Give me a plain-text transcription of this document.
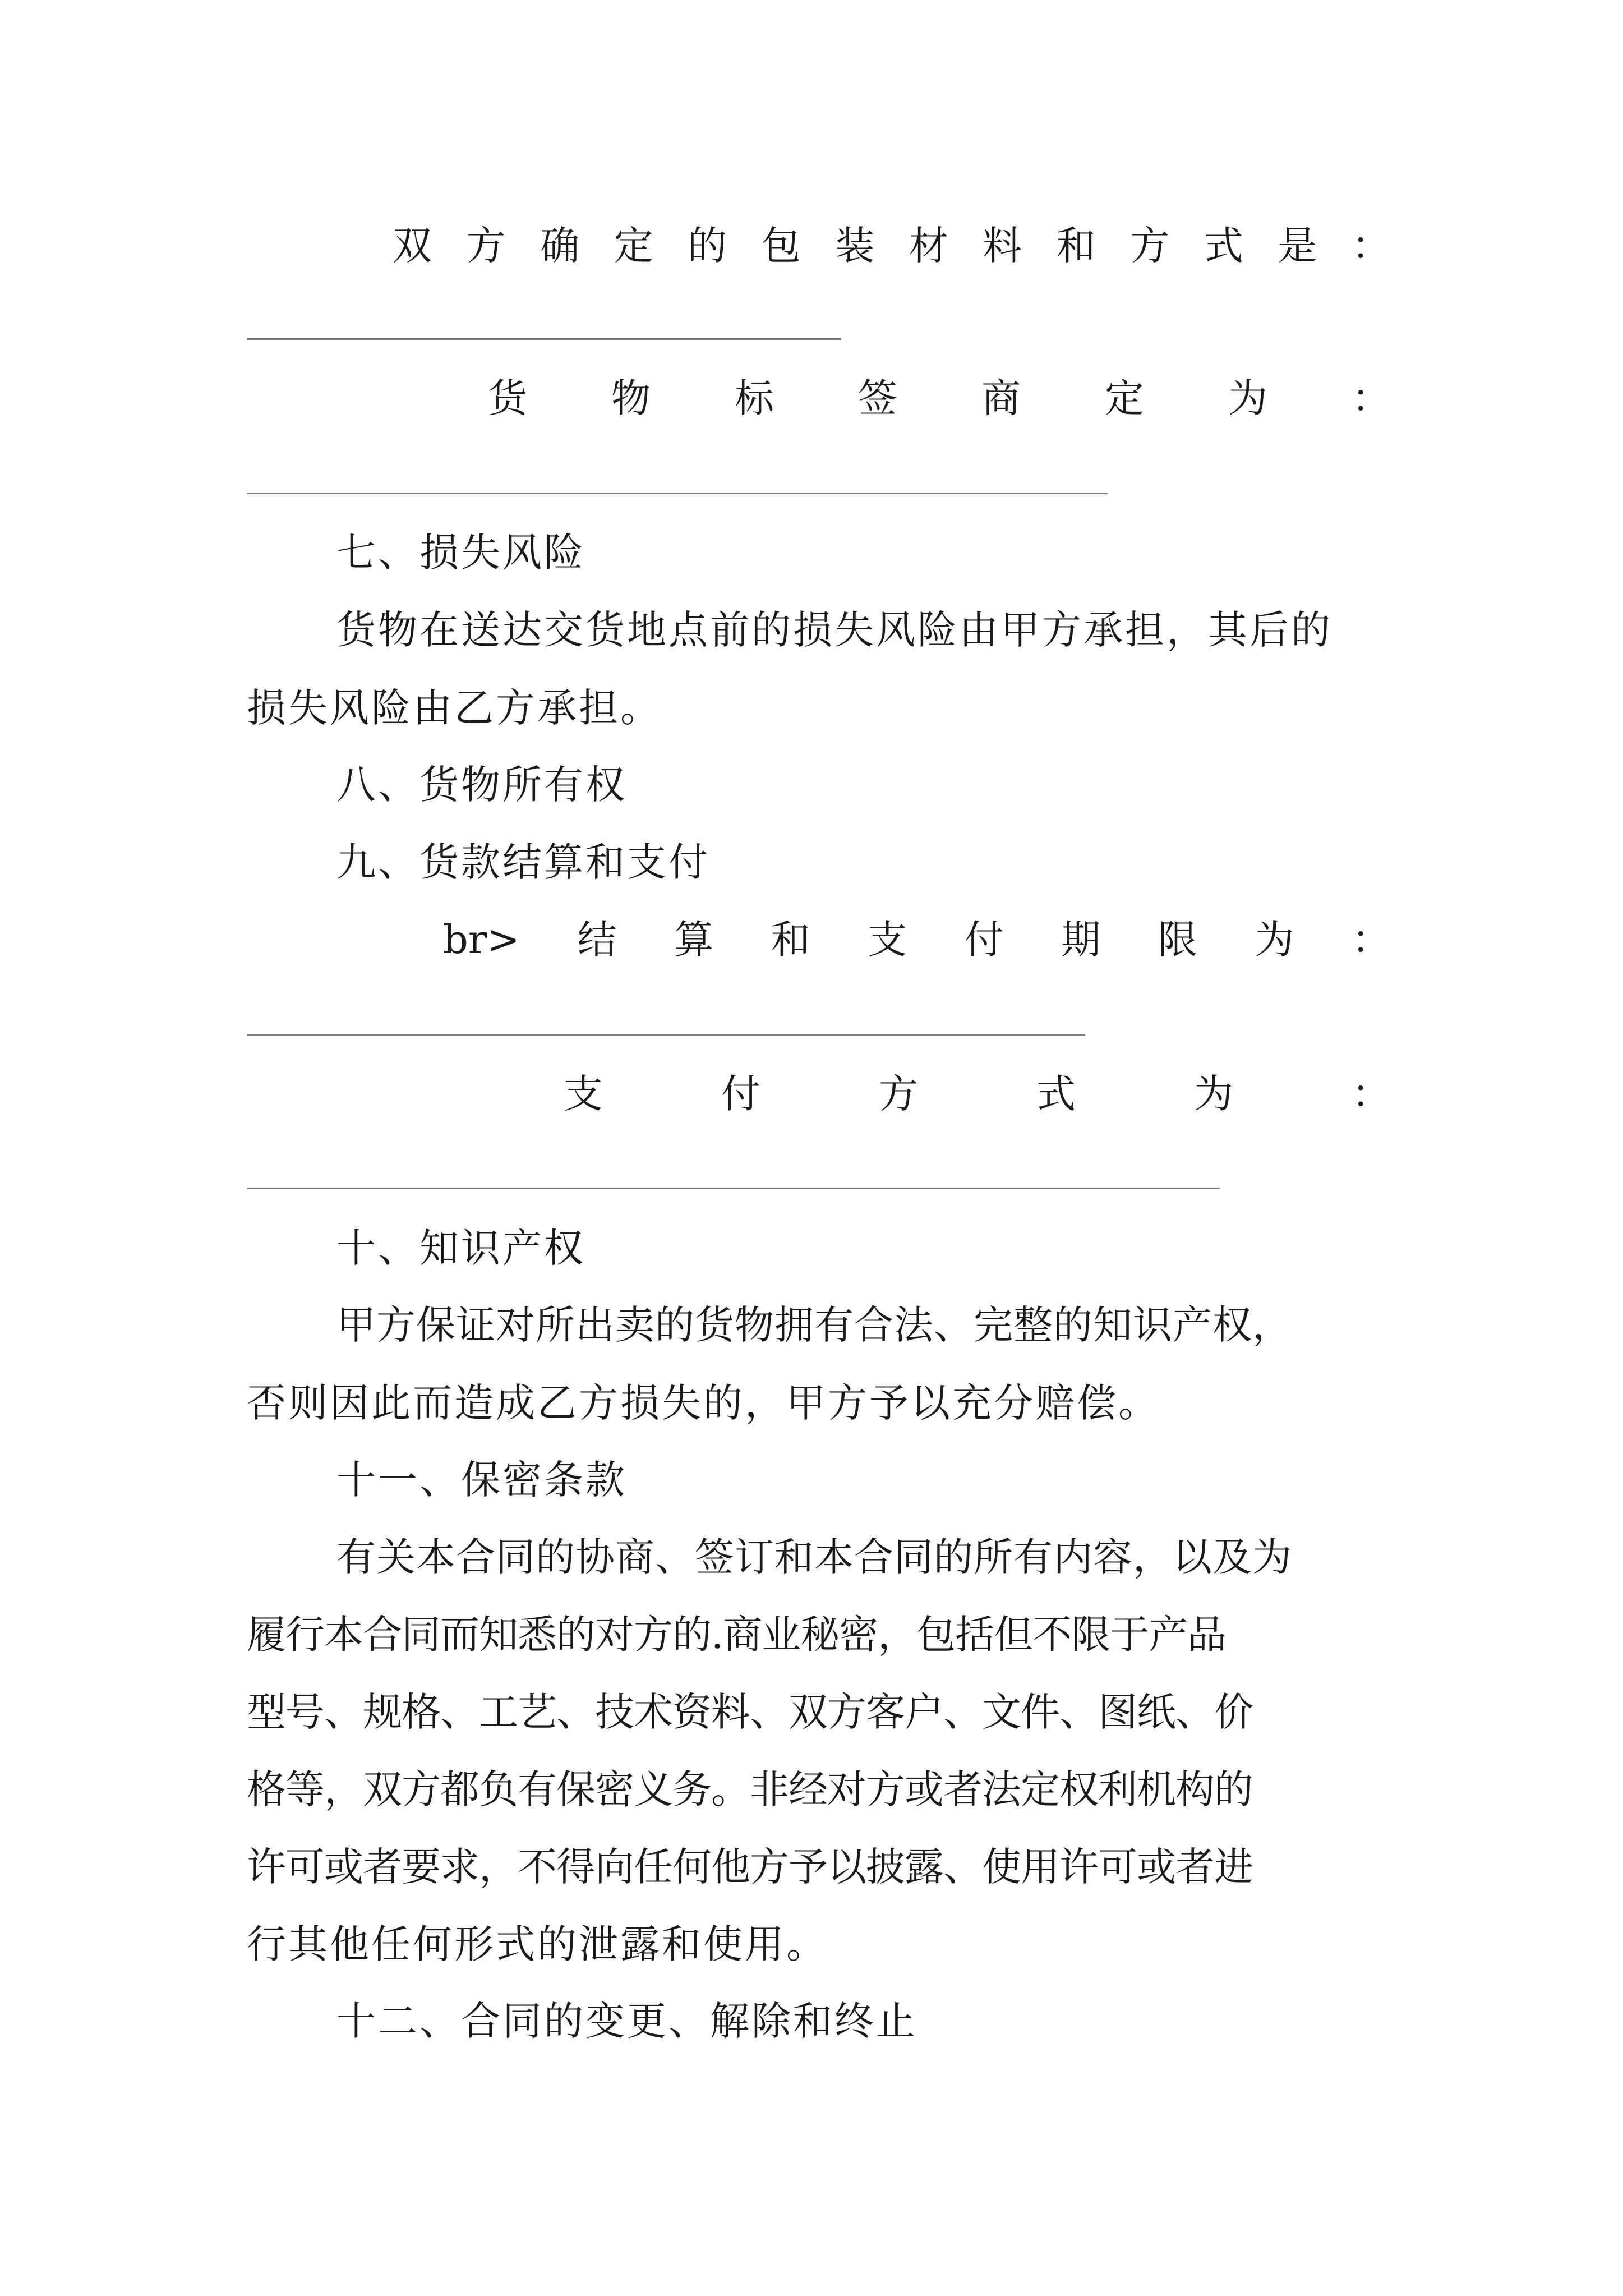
双 方 确 定 的 包 装 材 料 和 方 式 是 ：
货 物 标 签 商 定 为 ：
七、损失风险
货物在送达交货地点前的损失风险由甲方承担，其后的
损失风险由乙方承担。
八、货物所有权
九、货款结算和支付
br> 结 算 和 支 付 期 限 为 ：
支	付	方	式	为	：
十、知识产权
甲方保证对所出卖的货物拥有合法、完整的知识产权，
否则因此而造成乙方损失的，甲方予以充分赔偿。
十一、保密条款
有关本合同的协商、签订和本合同的所有内容，以及为
履行本合同而知悉的对方的.商业秘密，包括但不限于产品
型号、规格、工艺、技术资料、双方客户、文件、图纸、价
格等，双方都负有保密义务。非经对方或者法定权利机构的
许可或者要求，不得向任何他方予以披露、使用许可或者进
行其他任何形式的泄露和使用。
十二、合同的变更、解除和终止
